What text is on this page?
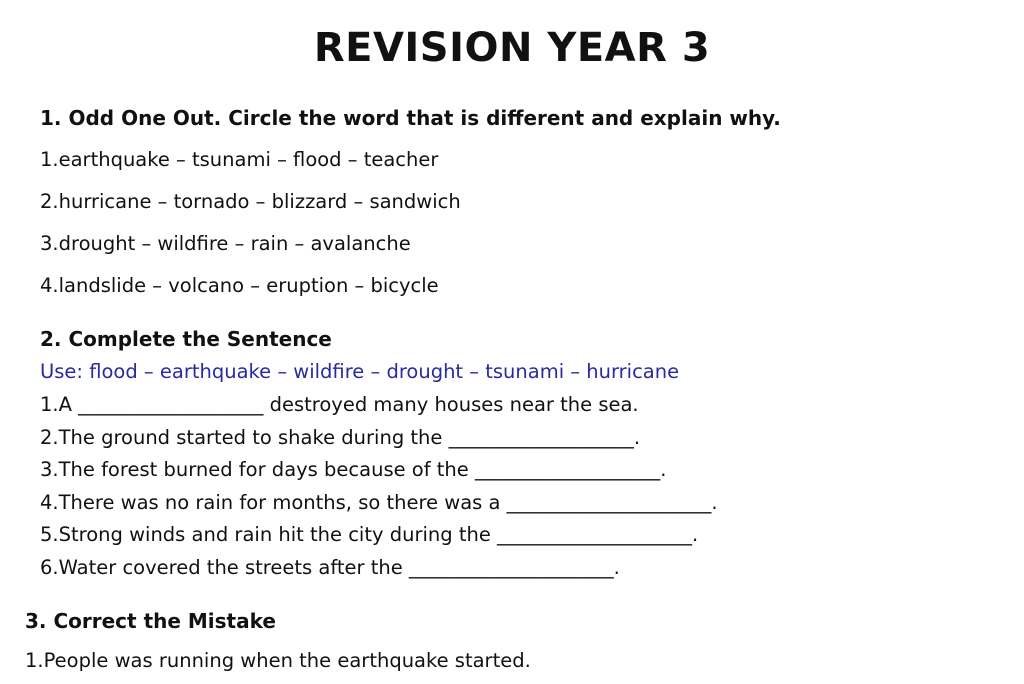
REVISION YEAR 3
1. Odd One Out. Circle the word that is different and explain why.
1.earthquake – tsunami – flood – teacher
2.hurricane – tornado – blizzard – sandwich
3.drought – wildfire – rain – avalanche
4.landslide – volcano – eruption – bicycle
2. Complete the Sentence
Use: flood – earthquake – wildfire – drought – tsunami – hurricane
1.A ___________________ destroyed many houses near the sea.
2.The ground started to shake during the ___________________.
3.The forest burned for days because of the ___________________.
4.There was no rain for months, so there was a _____________________.
5.Strong winds and rain hit the city during the ____________________.
6.Water covered the streets after the _____________________.
3. Correct the Mistake
1.People was running when the earthquake started.
